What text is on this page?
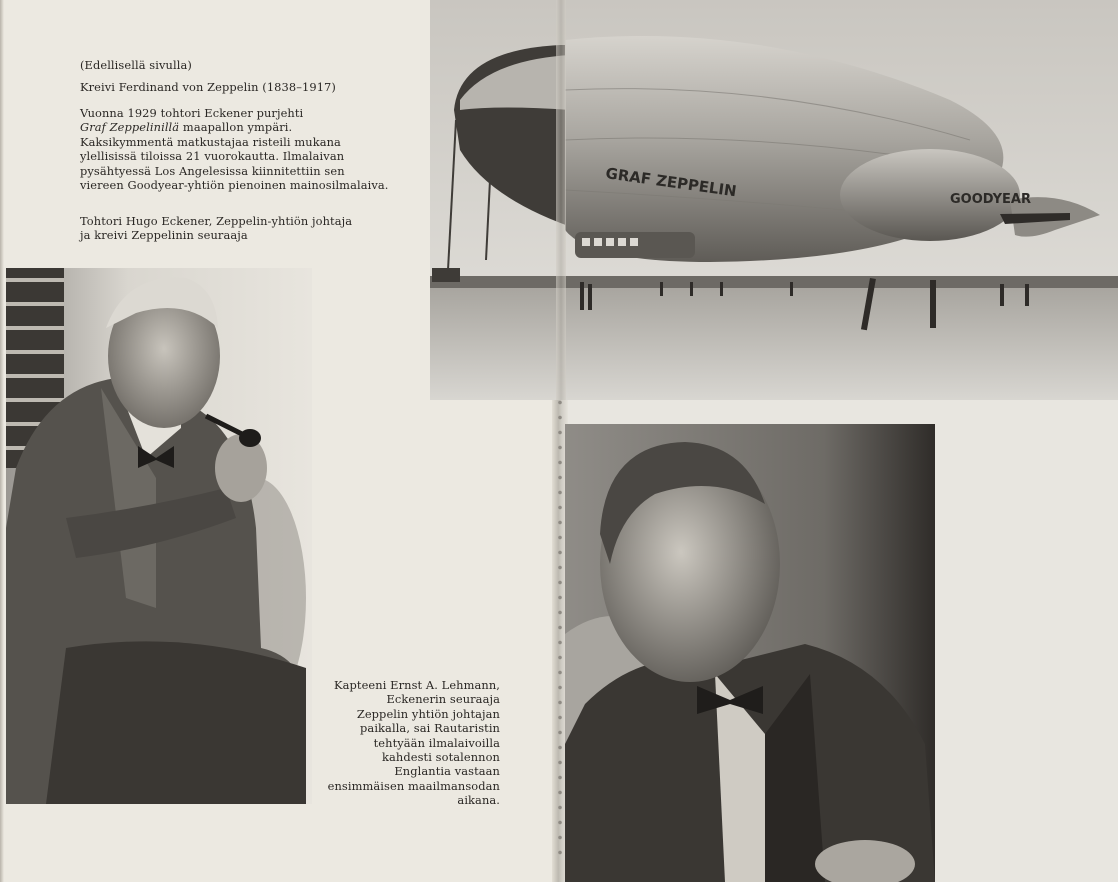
(Edellisellä sivulla)
Kreivi Ferdinand von Zeppelin (1838–1917)
Vuonna 1929 tohtori Eckener purjehti
Graf Zeppelinillä maapallon ympäri.
Kaksikymmentä matkustajaa risteili mukana
ylellisissä tiloissa 21 vuorokautta. Ilmalaivan
pysähtyessä Los Angelesissa kiinnitettiin sen
viereen Goodyear-yhtiön pienoinen mainosilmalaiva.
Tohtori Hugo Eckener, Zeppelin-yhtiön johtaja
ja kreivi Zeppelinin seuraaja
Kapteeni Ernst A. Lehmann,
Eckenerin seuraaja
Zeppelin yhtiön johtajan
paikalla, sai Rautaristin
tehtyään ilmalaivoilla
kahdesti sotalennon
Englantia vastaan
ensimmäisen maailmansodan
aikana.
GRAF ZEPPELIN	GOODYEAR
